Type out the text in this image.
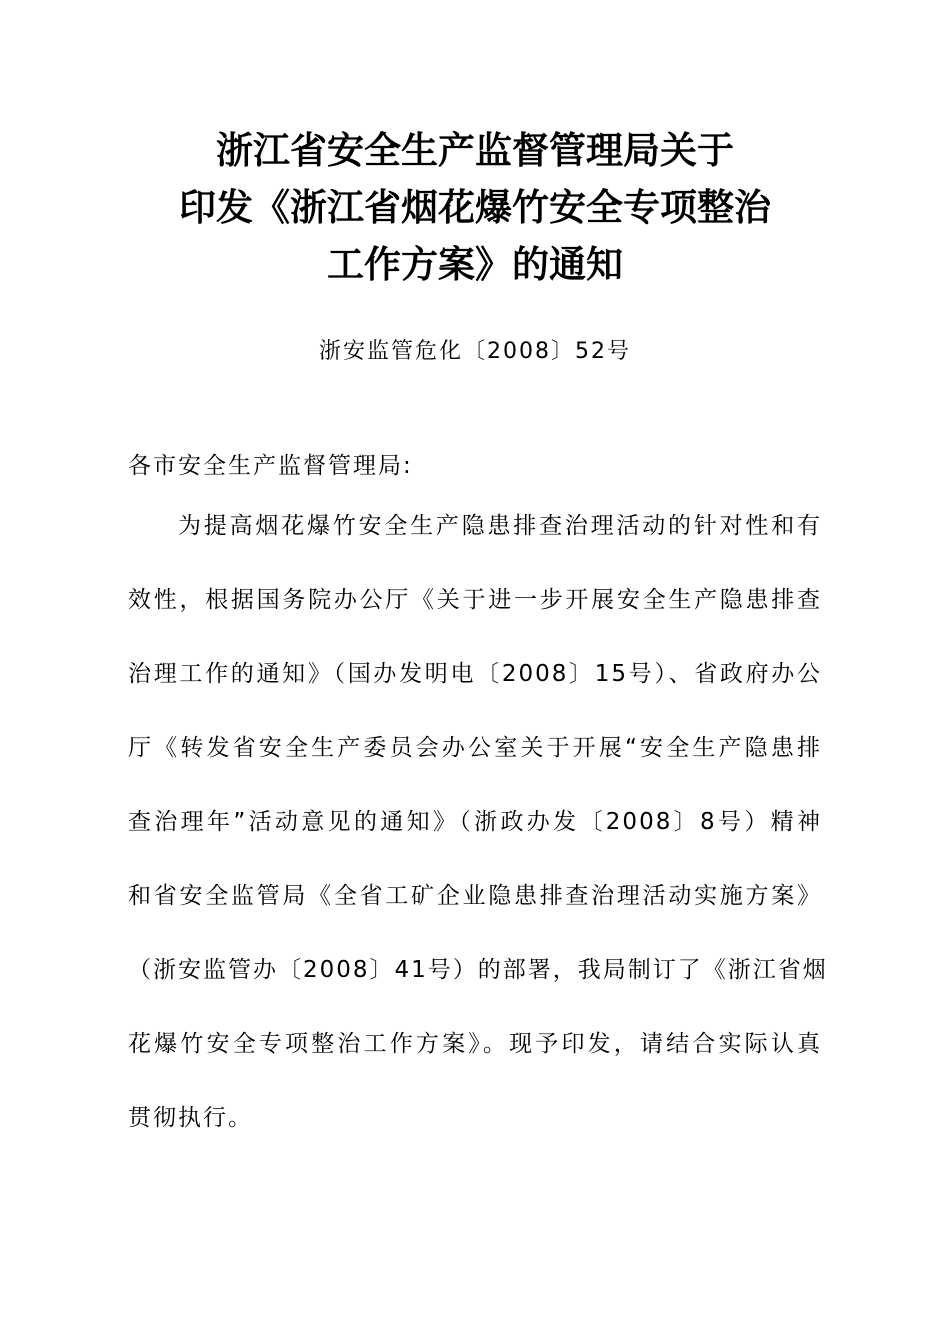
浙江省安全生产监督管理局关于
印发《浙江省烟花爆竹安全专项整治
工作方案》的通知
浙安监管危化〔2008〕52号
各市安全生产监督管理局:
为提高烟花爆竹安全生产隐患排查治理活动的针对性和有
效性，根据国务院办公厅《关于进一步开展安全生产隐患排查
治理工作的通知》（国办发明电〔2008〕15号）、省政府办公
厅《转发省安全生产委员会办公室关于开展“安全生产隐患排
查治理年”活动意见的通知》（浙政办发〔2008〕8号）精神
和省安全监管局《全省工矿企业隐患排查治理活动实施方案》
（浙安监管办〔2008〕41号）的部署，我局制订了《浙江省烟
花爆竹安全专项整治工作方案》。现予印发，请结合实际认真
贯彻执行。
